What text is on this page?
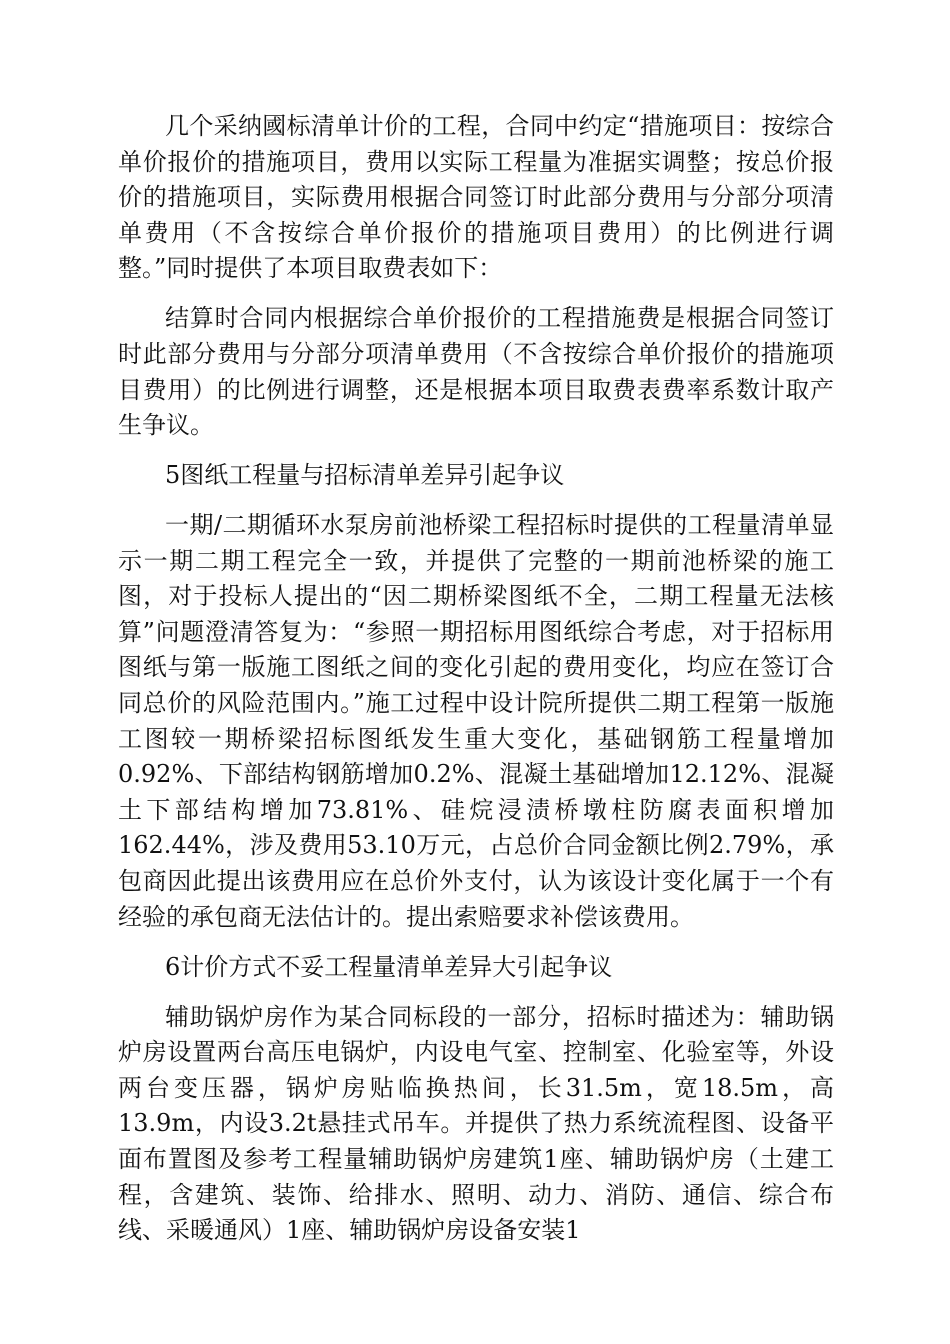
几个采纳國标清单计价的工程，合同中约定“措施项目：按综合单价报价的措施项目，费用以实际工程量为准据实调整；按总价报价的措施项目，实际费用根据合同签订时此部分费用与分部分项清单费用（不含按综合单价报价的措施项目费用）的比例进行调整。”同时提供了本项目取费表如下：

结算时合同内根据综合单价报价的工程措施费是根据合同签订时此部分费用与分部分项清单费用（不含按综合单价报价的措施项目费用）的比例进行调整，还是根据本项目取费表费率系数计取产生争议。

5图纸工程量与招标清单差异引起争议

一期/二期循环水泵房前池桥梁工程招标时提供的工程量清单显示一期二期工程完全一致，并提供了完整的一期前池桥梁的施工图，对于投标人提出的“因二期桥梁图纸不全，二期工程量无法核算”问题澄清答复为：“参照一期招标用图纸综合考虑，对于招标用图纸与第一版施工图纸之间的变化引起的费用变化，均应在签订合同总价的风险范围内。”施工过程中设计院所提供二期工程第一版施工图较一期桥梁招标图纸发生重大变化，基础钢筋工程量增加0.92%、下部结构钢筋增加0.2%、混凝土基础增加12.12%、混凝土下部结构增加73.81%、硅烷浸渍桥墩柱防腐表面积增加162.44%，涉及费用53.10万元，占总价合同金额比例2.79%，承包商因此提出该费用应在总价外支付，认为该设计变化属于一个有经验的承包商无法估计的。提出索赔要求补偿该费用。

6计价方式不妥工程量清单差异大引起争议

辅助锅炉房作为某合同标段的一部分，招标时描述为：辅助锅炉房设置两台高压电锅炉，内设电气室、控制室、化验室等，外设两台变压器，锅炉房贴临换热间，长31.5m，宽18.5m，高13.9m，内设3.2t悬挂式吊车。并提供了热力系统流程图、设备平面布置图及参考工程量辅助锅炉房建筑1座、辅助锅炉房（土建工程，含建筑、装饰、给排水、照明、动力、消防、通信、综合布线、采暖通风）1座、辅助锅炉房设备安装1
